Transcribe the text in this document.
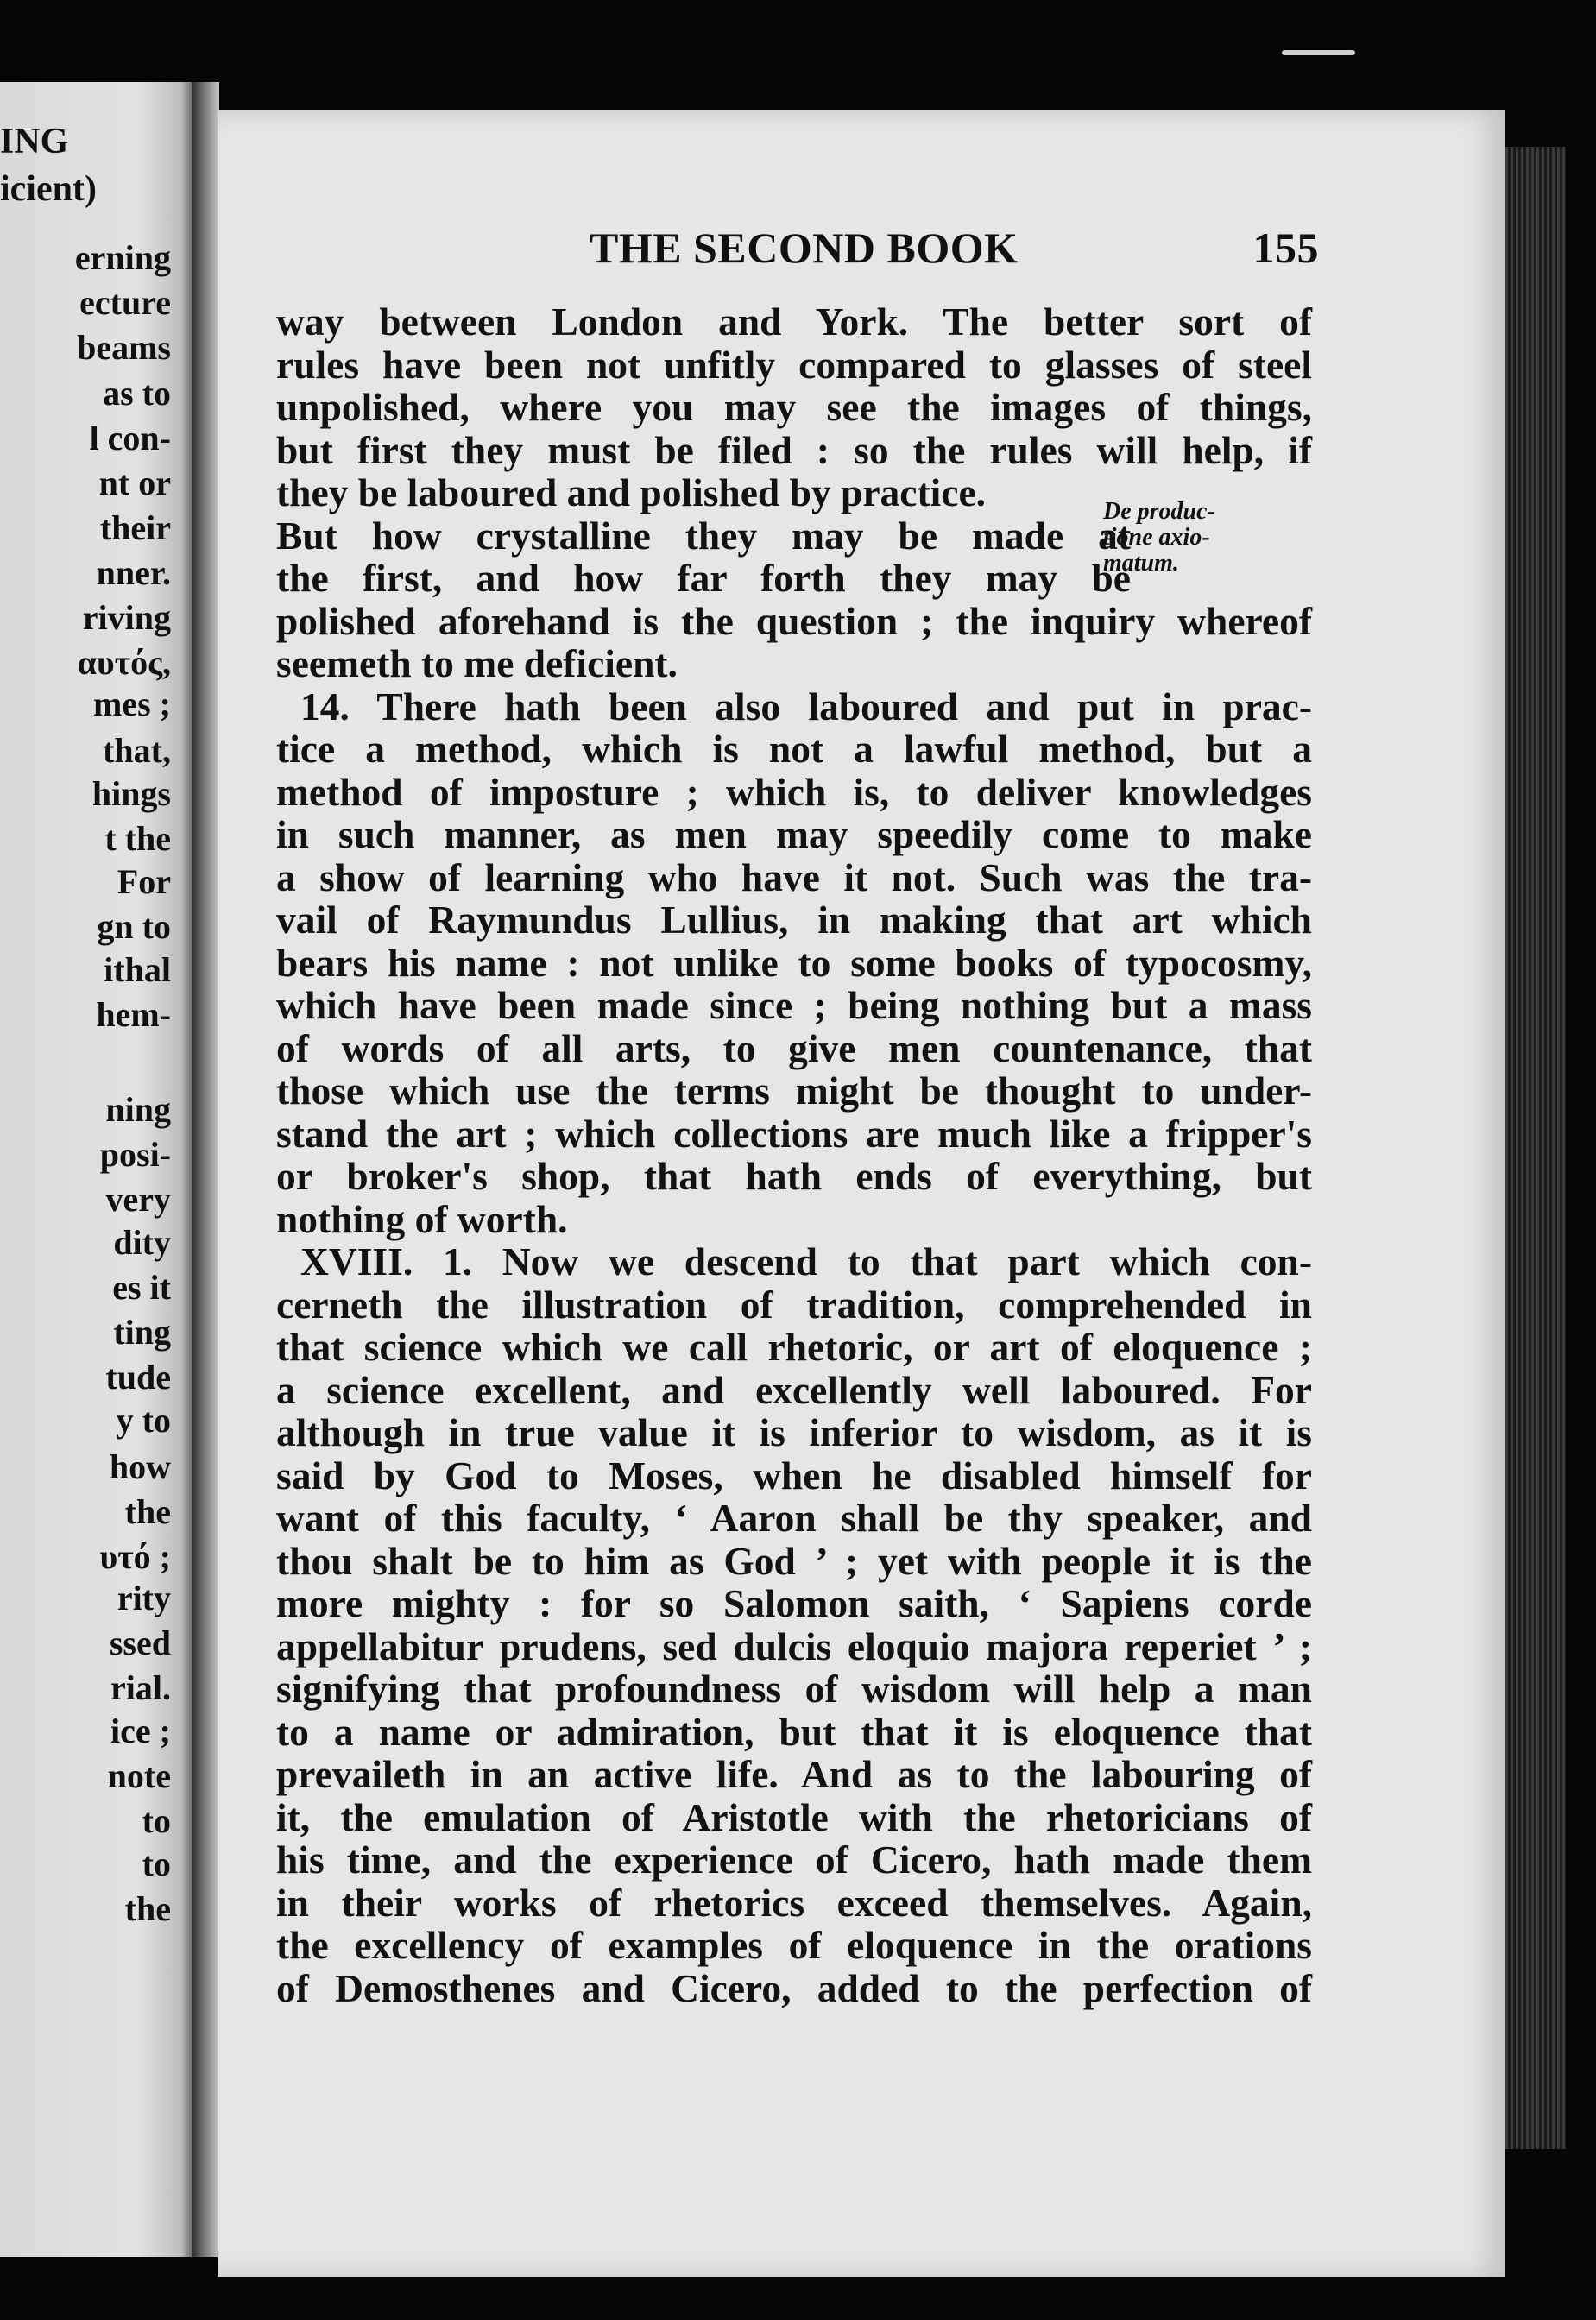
ING
icient)
erning
ecture
beams
as to
l con-
nt or
their
nner.
riving
αυτός,
mes ;
that,
hings
t the
For
gn to
ithal
hem-
ning
posi-
very
dity
es it
ting
tude
y to
how
the
υτό ;
rity
ssed
rial.
ice ;
note
to
to
the
THE SECOND BOOK	155
De produc-
tione axio-
matum.
way between London and York. The better sort of
rules have been not unfitly compared to glasses of steel
unpolished, where you may see the images of things,
but first they must be filed : so the rules will help, if
they be laboured and polished by practice.
But how crystalline they may be made at
the first, and how far forth they may be
polished aforehand is the question ; the inquiry whereof
seemeth to me deficient.
14. There hath been also laboured and put in prac-
tice a method, which is not a lawful method, but a
method of imposture ; which is, to deliver knowledges
in such manner, as men may speedily come to make
a show of learning who have it not. Such was the tra-
vail of Raymundus Lullius, in making that art which
bears his name : not unlike to some books of typocosmy,
which have been made since ; being nothing but a mass
of words of all arts, to give men countenance, that
those which use the terms might be thought to under-
stand the art ; which collections are much like a fripper's
or broker's shop, that hath ends of everything, but
nothing of worth.
XVIII. 1. Now we descend to that part which con-
cerneth the illustration of tradition, comprehended in
that science which we call rhetoric, or art of eloquence ;
a science excellent, and excellently well laboured. For
although in true value it is inferior to wisdom, as it is
said by God to Moses, when he disabled himself for
want of this faculty, ‘ Aaron shall be thy speaker, and
thou shalt be to him as God ’ ; yet with people it is the
more mighty : for so Salomon saith, ‘ Sapiens corde
appellabitur prudens, sed dulcis eloquio majora reperiet ’ ;
signifying that profoundness of wisdom will help a man
to a name or admiration, but that it is eloquence that
prevaileth in an active life. And as to the labouring of
it, the emulation of Aristotle with the rhetoricians of
his time, and the experience of Cicero, hath made them
in their works of rhetorics exceed themselves. Again,
the excellency of examples of eloquence in the orations
of Demosthenes and Cicero, added to the perfection of
